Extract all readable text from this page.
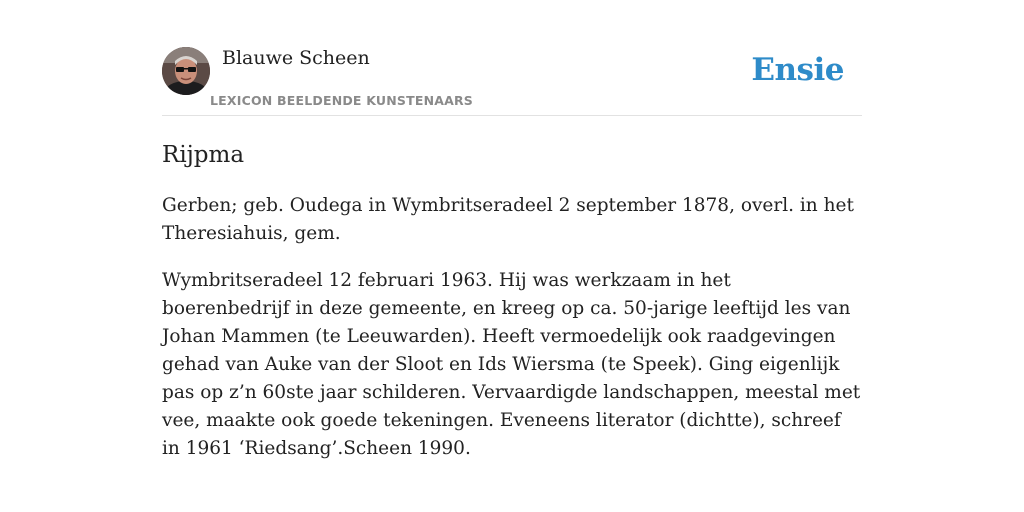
Blauwe Scheen
LEXICON BEELDENDE KUNSTENAARS
Ensie
Rijpma

Gerben; geb. Oudega in Wymbritseradeel 2 september 1878, overl. in het Theresiahuis, gem.

Wymbritseradeel 12 februari 1963. Hij was werkzaam in het boerenbedrijf in deze gemeente, en kreeg op ca. 50-jarige leeftijd les van Johan Mammen (te Leeuwarden). Heeft vermoedelijk ook raadgevingen gehad van Auke van der Sloot en Ids Wiersma (te Speek). Ging eigenlijk pas op z’n 60ste jaar schilderen. Vervaardigde landschappen, meestal met vee, maakte ook goede tekeningen. Eveneens literator (dichtte), schreef in 1961 ‘Riedsang’.Scheen 1990.
